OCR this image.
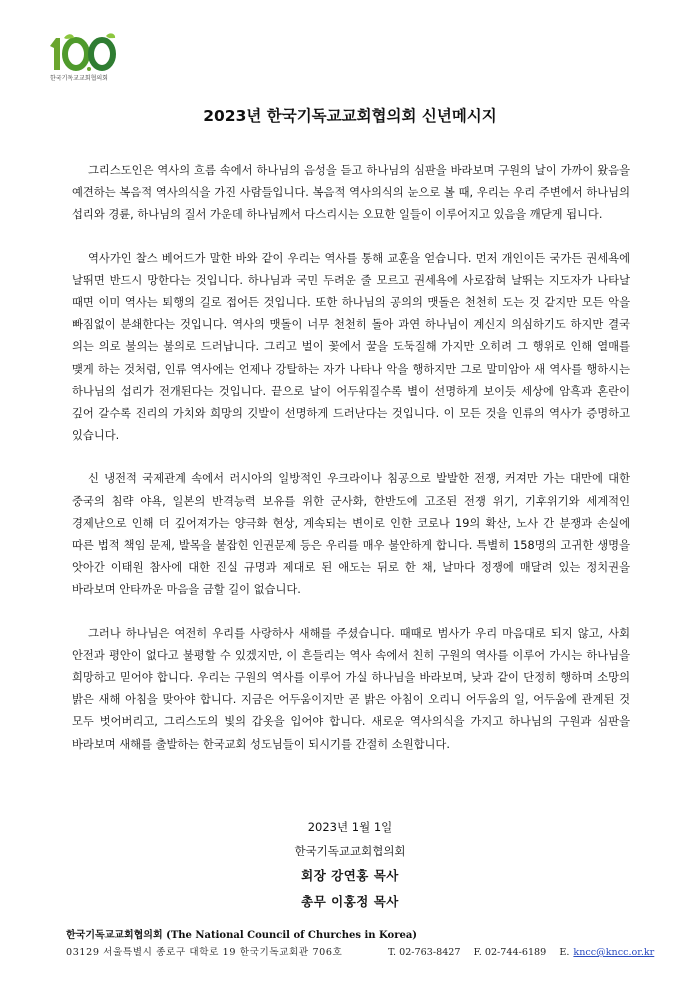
한국기독교교회협의회
2023년 한국기독교교회협의회 신년메시지

그리스도인은 역사의 흐름 속에서 하나님의 음성을 듣고 하나님의 심판을 바라보며 구원의 날이 가까이 왔음을 예견하는 복음적 역사의식을 가진 사람들입니다. 복음적 역사의식의 눈으로 볼 때, 우리는 우리 주변에서 하나님의 섭리와 경륜, 하나님의 질서 가운데 하나님께서 다스리시는 오묘한 일들이 이루어지고 있음을 깨닫게 됩니다.

역사가인 찰스 베어드가 말한 바와 같이 우리는 역사를 통해 교훈을 얻습니다. 먼저 개인이든 국가든 권세욕에 날뛰면 반드시 망한다는 것입니다. 하나님과 국민 두려운 줄 모르고 권세욕에 사로잡혀 날뛰는 지도자가 나타날 때면 이미 역사는 퇴행의 길로 접어든 것입니다. 또한 하나님의 공의의 맷돌은 천천히 도는 것 같지만 모든 악을 빠짐없이 분쇄한다는 것입니다. 역사의 맷돌이 너무 천천히 돌아 과연 하나님이 계신지 의심하기도 하지만 결국 의는 의로 불의는 불의로 드러납니다. 그리고 벌이 꽃에서 꿀을 도둑질해 가지만 오히려 그 행위로 인해 열매를 맺게 하는 것처럼, 인류 역사에는 언제나 강탈하는 자가 나타나 악을 행하지만 그로 말미암아 새 역사를 행하시는 하나님의 섭리가 전개된다는 것입니다. 끝으로 날이 어두워질수록 별이 선명하게 보이듯 세상에 암흑과 혼란이 깊어 갈수록 진리의 가치와 희망의 깃발이 선명하게 드러난다는 것입니다. 이 모든 것을 인류의 역사가 증명하고 있습니다.

신 냉전적 국제관계 속에서 러시아의 일방적인 우크라이나 침공으로 발발한 전쟁, 커져만 가는 대만에 대한 중국의 침략 야욕, 일본의 반격능력 보유를 위한 군사화, 한반도에 고조된 전쟁 위기, 기후위기와 세계적인 경제난으로 인해 더 깊어져가는 양극화 현상, 계속되는 변이로 인한 코로나 19의 확산, 노사 간 분쟁과 손실에 따른 법적 책임 문제, 발목을 붙잡힌 인권문제 등은 우리를 매우 불안하게 합니다. 특별히 158명의 고귀한 생명을 앗아간 이태원 참사에 대한 진실 규명과 제대로 된 애도는 뒤로 한 채, 날마다 정쟁에 매달려 있는 정치권을 바라보며 안타까운 마음을 금할 길이 없습니다.

그러나 하나님은 여전히 우리를 사랑하사 새해를 주셨습니다. 때때로 범사가 우리 마음대로 되지 않고, 사회 안전과 평안이 없다고 불평할 수 있겠지만, 이 흔들리는 역사 속에서 친히 구원의 역사를 이루어 가시는 하나님을 희망하고 믿어야 합니다. 우리는 구원의 역사를 이루어 가실 하나님을 바라보며, 낮과 같이 단정히 행하며 소망의 밝은 새해 아침을 맞아야 합니다. 지금은 어두움이지만 곧 밝은 아침이 오리니 어두움의 일, 어두움에 관계된 것 모두 벗어버리고, 그리스도의 빛의 갑옷을 입어야 합니다. 새로운 역사의식을 가지고 하나님의 구원과 심판을 바라보며 새해를 출발하는 한국교회 성도님들이 되시기를 간절히 소원합니다.

2023년 1월 1일
한국기독교교회협의회
회장 강연홍 목사
총무 이홍정 목사
한국기독교교회협의회 (The National Council of Churches in Korea)
03129 서울특별시 종로구 대학로 19 한국기독교회관 706호	T. 02-763-8427 F. 02-744-6189 E. kncc@kncc.or.kr
